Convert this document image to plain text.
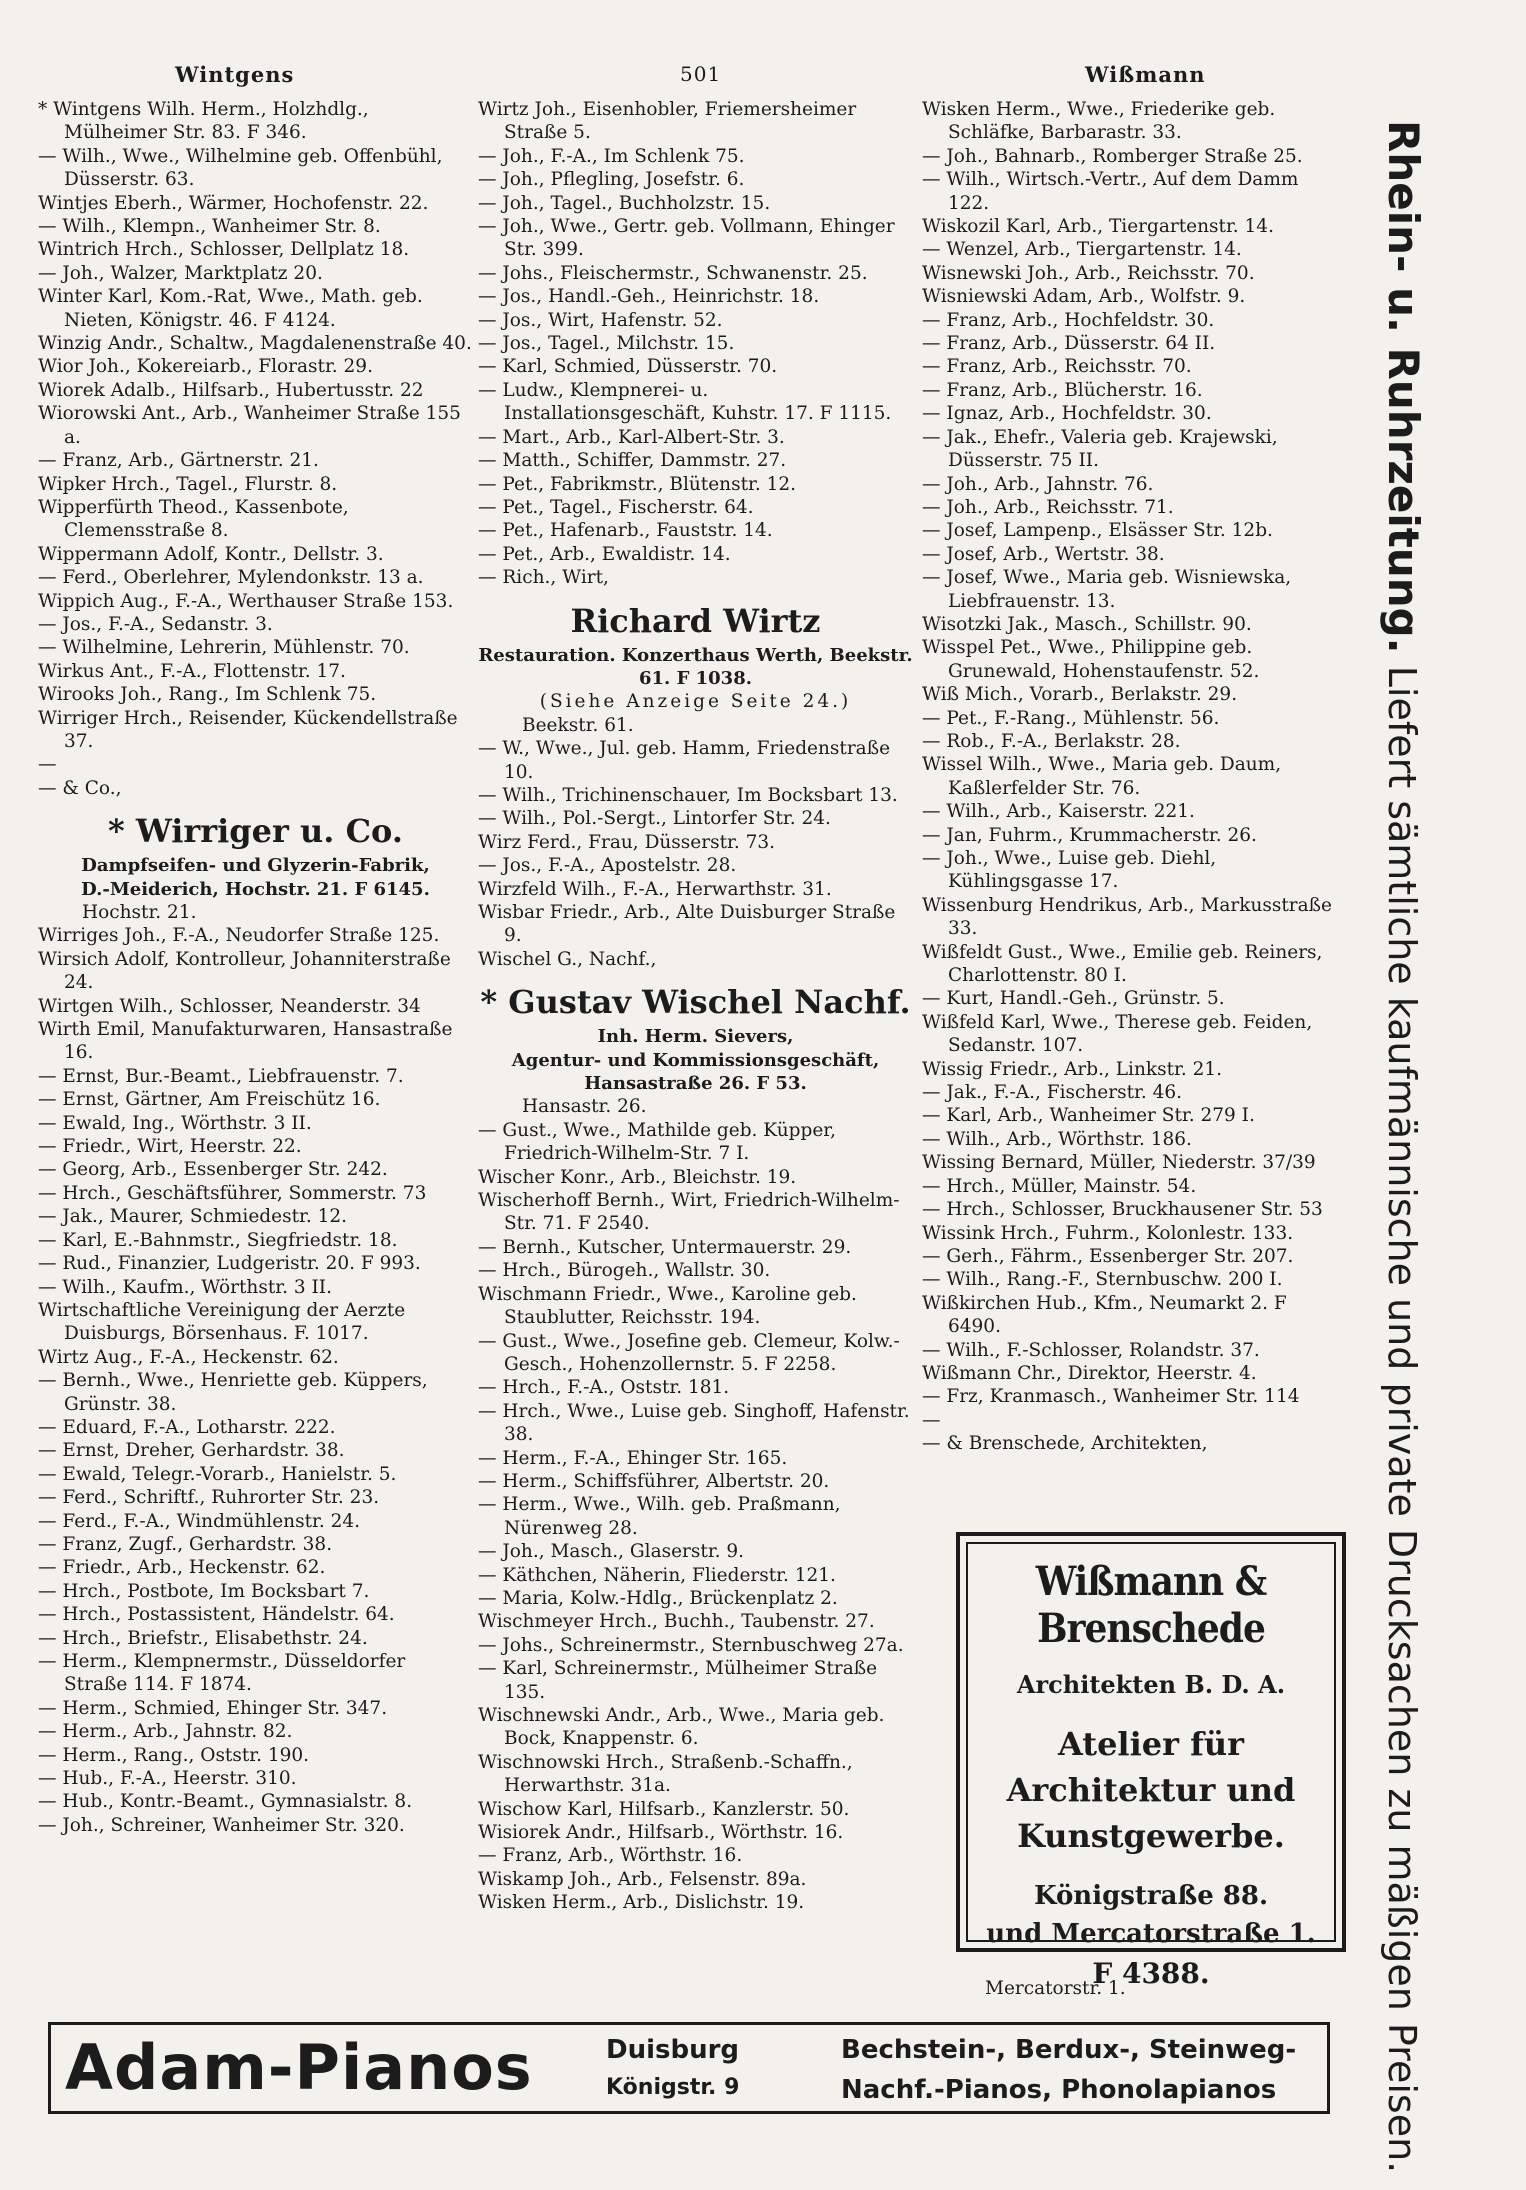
Wintgens	501	Wißmann
* Wintgens Wilh. Herm., Holzhdlg., Mülheimer Str. 83. F 346.
— Wilh., Wwe., Wilhelmine geb. Offenbühl, Düsserstr. 63.
Wintjes Eberh., Wärmer, Hochofenstr. 22.
— Wilh., Klempn., Wanheimer Str. 8.
Wintrich Hrch., Schlosser, Dellplatz 18.
— Joh., Walzer, Marktplatz 20.
Winter Karl, Kom.-Rat, Wwe., Math. geb. Nieten, Königstr. 46. F 4124.
Winzig Andr., Schaltw., Magdalenenstraße 40.
Wior Joh., Kokereiarb., Florastr. 29.
Wiorek Adalb., Hilfsarb., Hubertusstr. 22
Wiorowski Ant., Arb., Wanheimer Straße 155 a.
— Franz, Arb., Gärtnerstr. 21.
Wipker Hrch., Tagel., Flurstr. 8.
Wipperfürth Theod., Kassenbote, Clemensstraße 8.
Wippermann Adolf, Kontr., Dellstr. 3.
— Ferd., Oberlehrer, Mylendonkstr. 13 a.
Wippich Aug., F.-A., Werthauser Straße 153.
— Jos., F.-A., Sedanstr. 3.
— Wilhelmine, Lehrerin, Mühlenstr. 70.
Wirkus Ant., F.-A., Flottenstr. 17.
Wirooks Joh., Rang., Im Schlenk 75.
Wirriger Hrch., Reisender, Kückendellstraße 37.
—
— & Co.,
* Wirriger u. Co.
Dampfseifen- und Glyzerin-Fabrik,
D.-Meiderich, Hochstr. 21. F 6145.
Hochstr. 21.
Wirriges Joh., F.-A., Neudorfer Straße 125.
Wirsich Adolf, Kontrolleur, Johanniterstraße 24.
Wirtgen Wilh., Schlosser, Neanderstr. 34
Wirth Emil, Manufakturwaren, Hansastraße 16.
— Ernst, Bur.-Beamt., Liebfrauenstr. 7.
— Ernst, Gärtner, Am Freischütz 16.
— Ewald, Ing., Wörthstr. 3 II.
— Friedr., Wirt, Heerstr. 22.
— Georg, Arb., Essenberger Str. 242.
— Hrch., Geschäftsführer, Sommerstr. 73
— Jak., Maurer, Schmiedestr. 12.
— Karl, E.-Bahnmstr., Siegfriedstr. 18.
— Rud., Finanzier, Ludgeristr. 20. F 993.
— Wilh., Kaufm., Wörthstr. 3 II.
Wirtschaftliche Vereinigung der Aerzte Duisburgs, Börsenhaus. F. 1017.
Wirtz Aug., F.-A., Heckenstr. 62.
— Bernh., Wwe., Henriette geb. Küppers, Grünstr. 38.
— Eduard, F.-A., Lotharstr. 222.
— Ernst, Dreher, Gerhardstr. 38.
— Ewald, Telegr.-Vorarb., Hanielstr. 5.
— Ferd., Schriftf., Ruhrorter Str. 23.
— Ferd., F.-A., Windmühlenstr. 24.
— Franz, Zugf., Gerhardstr. 38.
— Friedr., Arb., Heckenstr. 62.
— Hrch., Postbote, Im Bocksbart 7.
— Hrch., Postassistent, Händelstr. 64.
— Hrch., Briefstr., Elisabethstr. 24.
— Herm., Klempnermstr., Düsseldorfer Straße 114. F 1874.
— Herm., Schmied, Ehinger Str. 347.
— Herm., Arb., Jahnstr. 82.
— Herm., Rang., Oststr. 190.
— Hub., F.-A., Heerstr. 310.
— Hub., Kontr.-Beamt., Gymnasialstr. 8.
— Joh., Schreiner, Wanheimer Str. 320.
Wirtz Joh., Eisenhobler, Friemersheimer Straße 5.
— Joh., F.-A., Im Schlenk 75.
— Joh., Pflegling, Josefstr. 6.
— Joh., Tagel., Buchholzstr. 15.
— Joh., Wwe., Gertr. geb. Vollmann, Ehinger Str. 399.
— Johs., Fleischermstr., Schwanenstr. 25.
— Jos., Handl.-Geh., Heinrichstr. 18.
— Jos., Wirt, Hafenstr. 52.
— Jos., Tagel., Milchstr. 15.
— Karl, Schmied, Düsserstr. 70.
— Ludw., Klempnerei- u. Installationsgeschäft, Kuhstr. 17. F 1115.
— Mart., Arb., Karl-Albert-Str. 3.
— Matth., Schiffer, Dammstr. 27.
— Pet., Fabrikmstr., Blütenstr. 12.
— Pet., Tagel., Fischerstr. 64.
— Pet., Hafenarb., Fauststr. 14.
— Pet., Arb., Ewaldistr. 14.
— Rich., Wirt,
Richard Wirtz
Restauration. Konzerthaus Werth, Beekstr. 61. F 1038.
(Siehe Anzeige Seite 24.)
Beekstr. 61.
— W., Wwe., Jul. geb. Hamm, Friedenstraße 10.
— Wilh., Trichinenschauer, Im Bocksbart 13.
— Wilh., Pol.-Sergt., Lintorfer Str. 24.
Wirz Ferd., Frau, Düsserstr. 73.
— Jos., F.-A., Apostelstr. 28.
Wirzfeld Wilh., F.-A., Herwarthstr. 31.
Wisbar Friedr., Arb., Alte Duisburger Straße 9.
Wischel G., Nachf.,
* Gustav Wischel Nachf.
Inh. Herm. Sievers,
Agentur- und Kommissionsgeschäft, Hansastraße 26. F 53.
Hansastr. 26.
— Gust., Wwe., Mathilde geb. Küpper, Friedrich-Wilhelm-Str. 7 I.
Wischer Konr., Arb., Bleichstr. 19.
Wischerhoff Bernh., Wirt, Friedrich-Wilhelm-Str. 71. F 2540.
— Bernh., Kutscher, Untermauerstr. 29.
— Hrch., Bürogeh., Wallstr. 30.
Wischmann Friedr., Wwe., Karoline geb. Staublutter, Reichsstr. 194.
— Gust., Wwe., Josefine geb. Clemeur, Kolw.-Gesch., Hohenzollernstr. 5. F 2258.
— Hrch., F.-A., Oststr. 181.
— Hrch., Wwe., Luise geb. Singhoff, Hafenstr. 38.
— Herm., F.-A., Ehinger Str. 165.
— Herm., Schiffsführer, Albertstr. 20.
— Herm., Wwe., Wilh. geb. Praßmann, Nürenweg 28.
— Joh., Masch., Glaserstr. 9.
— Käthchen, Näherin, Fliederstr. 121.
— Maria, Kolw.-Hdlg., Brückenplatz 2.
Wischmeyer Hrch., Buchh., Taubenstr. 27.
— Johs., Schreinermstr., Sternbuschweg 27a.
— Karl, Schreinermstr., Mülheimer Straße 135.
Wischnewski Andr., Arb., Wwe., Maria geb. Bock, Knappenstr. 6.
Wischnowski Hrch., Straßenb.-Schaffn., Herwarthstr. 31a.
Wischow Karl, Hilfsarb., Kanzlerstr. 50.
Wisiorek Andr., Hilfsarb., Wörthstr. 16.
— Franz, Arb., Wörthstr. 16.
Wiskamp Joh., Arb., Felsenstr. 89a.
Wisken Herm., Arb., Dislichstr. 19.
Wisken Herm., Wwe., Friederike geb. Schläfke, Barbarastr. 33.
— Joh., Bahnarb., Romberger Straße 25.
— Wilh., Wirtsch.-Vertr., Auf dem Damm 122.
Wiskozil Karl, Arb., Tiergartenstr. 14.
— Wenzel, Arb., Tiergartenstr. 14.
Wisnewski Joh., Arb., Reichsstr. 70.
Wisniewski Adam, Arb., Wolfstr. 9.
— Franz, Arb., Hochfeldstr. 30.
— Franz, Arb., Düsserstr. 64 II.
— Franz, Arb., Reichsstr. 70.
— Franz, Arb., Blücherstr. 16.
— Ignaz, Arb., Hochfeldstr. 30.
— Jak., Ehefr., Valeria geb. Krajewski, Düsserstr. 75 II.
— Joh., Arb., Jahnstr. 76.
— Joh., Arb., Reichsstr. 71.
— Josef, Lampenp., Elsässer Str. 12b.
— Josef, Arb., Wertstr. 38.
— Josef, Wwe., Maria geb. Wisniewska, Liebfrauenstr. 13.
Wisotzki Jak., Masch., Schillstr. 90.
Wisspel Pet., Wwe., Philippine geb. Grunewald, Hohenstaufenstr. 52.
Wiß Mich., Vorarb., Berlakstr. 29.
— Pet., F.-Rang., Mühlenstr. 56.
— Rob., F.-A., Berlakstr. 28.
Wissel Wilh., Wwe., Maria geb. Daum, Kaßlerfelder Str. 76.
— Wilh., Arb., Kaiserstr. 221.
— Jan, Fuhrm., Krummacherstr. 26.
— Joh., Wwe., Luise geb. Diehl, Kühlingsgasse 17.
Wissenburg Hendrikus, Arb., Markusstraße 33.
Wißfeldt Gust., Wwe., Emilie geb. Reiners, Charlottenstr. 80 I.
— Kurt, Handl.-Geh., Grünstr. 5.
Wißfeld Karl, Wwe., Therese geb. Feiden, Sedanstr. 107.
Wissig Friedr., Arb., Linkstr. 21.
— Jak., F.-A., Fischerstr. 46.
— Karl, Arb., Wanheimer Str. 279 I.
— Wilh., Arb., Wörthstr. 186.
Wissing Bernard, Müller, Niederstr. 37/39
— Hrch., Müller, Mainstr. 54.
— Hrch., Schlosser, Bruckhausener Str. 53
Wissink Hrch., Fuhrm., Kolonlestr. 133.
— Gerh., Fährm., Essenberger Str. 207.
— Wilh., Rang.-F., Sternbuschw. 200 I.
Wißkirchen Hub., Kfm., Neumarkt 2. F 6490.
— Wilh., F.-Schlosser, Rolandstr. 37.
Wißmann Chr., Direktor, Heerstr. 4.
— Frz, Kranmasch., Wanheimer Str. 114
—
— & Brenschede, Architekten,
Wißmann & Brenschede
Architekten B. D. A.
Atelier für Architektur und Kunstgewerbe.
Königstraße 88.
und Mercatorstraße 1.
F 4388.
Mercatorstr. 1.
Rhein- u. Ruhrzeitung. Liefert sämtliche kaufmännische und private Drucksachen zu mäßigen Preisen.
Adam-Pianos	Duisburg
Königstr. 9
Bechstein-, Berdux-, Steinweg-
Nachf.-Pianos, Phonolapianos
